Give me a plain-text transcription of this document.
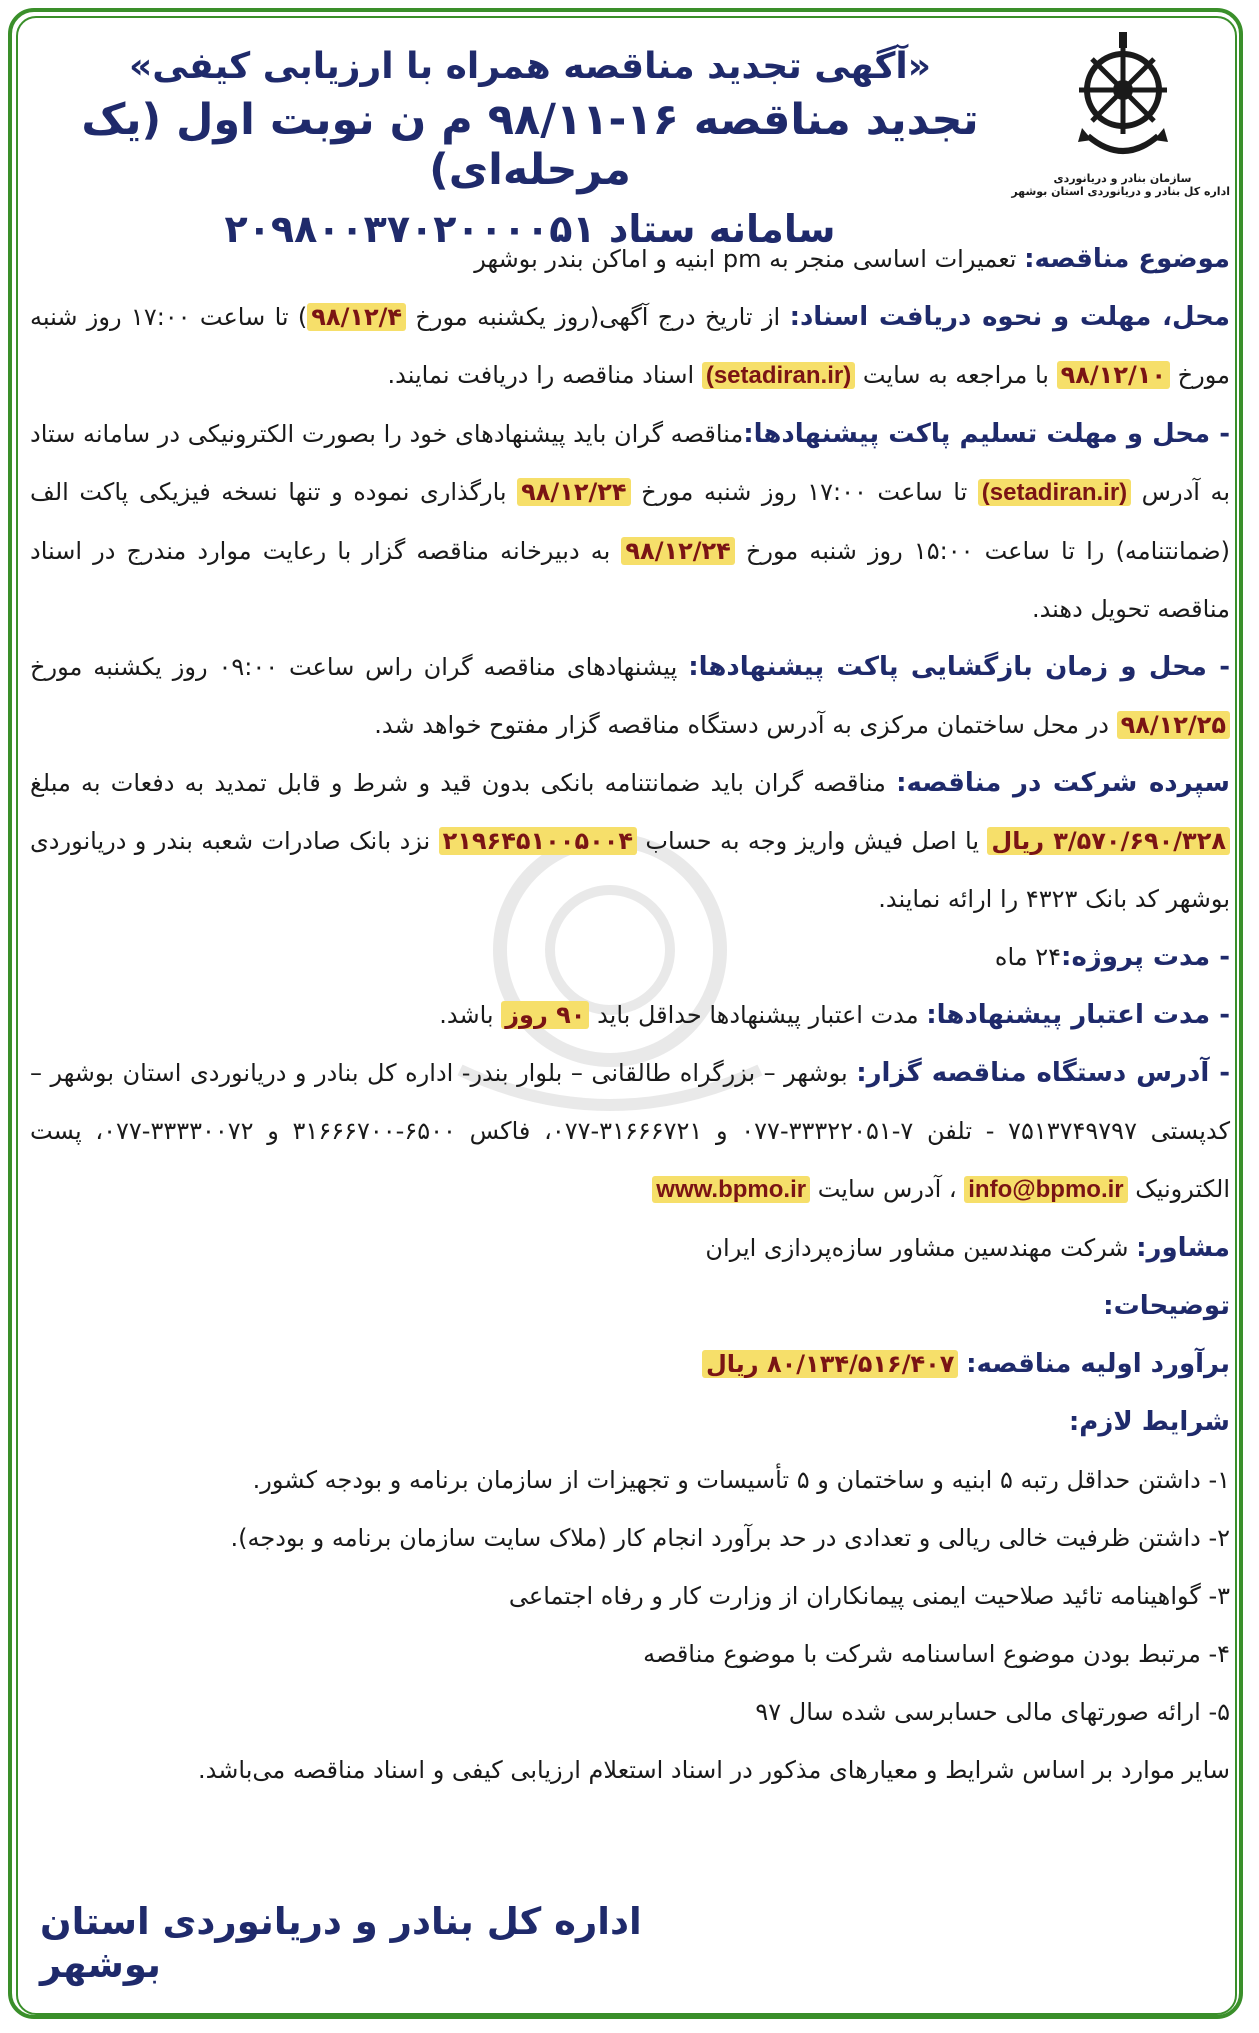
سازمان بنادر و دریانوردی
اداره کل بنادر و دریانوردی استان بوشهر
«آگهی تجدید مناقصه همراه با ارزیابی کیفی»
تجدید مناقصه ۱۶-۹۸/۱۱ م ن نوبت اول (یک مرحله‌ای)
سامانه ستاد ۲۰۹۸۰۰۳۷۰۲۰۰۰۰۵۱

موضوع مناقصه: تعمیرات اساسی منجر به pm ابنیه و اماکن بندر بوشهر

محل، مهلت و نحوه دریافت اسناد: از تاریخ درج آگهی(روز یکشنبه مورخ ۹۸/۱۲/۴) تا ساعت ۱۷:۰۰ روز شنبه مورخ ۹۸/۱۲/۱۰ با مراجعه به سایت (setadiran.ir) اسناد مناقصه را دریافت نمایند.

- محل و مهلت تسلیم پاکت پیشنهادها:مناقصه گران باید پیشنهادهای خود را بصورت الکترونیکی در سامانه ستاد به آدرس (setadiran.ir) تا ساعت ۱۷:۰۰ روز شنبه مورخ ۹۸/۱۲/۲۴ بارگذاری نموده و تنها نسخه فیزیکی پاکت الف (ضمانتنامه) را تا ساعت ۱۵:۰۰ روز شنبه مورخ ۹۸/۱۲/۲۴ به دبیرخانه مناقصه گزار با رعایت موارد مندرج در اسناد مناقصه تحویل دهند.

- محل و زمان بازگشایی پاکت پیشنهادها: پیشنهادهای مناقصه گران راس ساعت ۰۹:۰۰ روز یکشنبه مورخ ۹۸/۱۲/۲۵ در محل ساختمان مرکزی به آدرس دستگاه مناقصه گزار مفتوح خواهد شد.

سپرده شرکت در مناقصه: مناقصه گران باید ضمانتنامه بانکی بدون قید و شرط و قابل تمدید به دفعات به مبلغ ۳/۵۷۰/۶۹۰/۳۲۸ ریال یا اصل فیش واریز وجه به حساب ۲۱۹۶۴۵۱۰۰۵۰۰۴ نزد بانک صادرات شعبه بندر و دریانوردی بوشهر کد بانک ۴۳۲۳ را ارائه نمایند.

- مدت پروژه:۲۴ ماه

- مدت اعتبار پیشنهادها: مدت اعتبار پیشنهادها حداقل باید ۹۰ روز باشد.

- آدرس دستگاه مناقصه گزار: بوشهر – بزرگراه طالقانی – بلوار بندر- اداره کل بنادر و دریانوردی استان بوشهر – کدپستی ۷۵۱۳۷۴۹۷۹۷ - تلفن ۷-۳۳۳۲۲۰۵۱-۰۷۷ و ۳۱۶۶۶۷۲۱-۰۷۷، فاکس ۶۵۰۰-۳۱۶۶۶۷۰۰ و ۳۳۳۳۰۰۷۲-۰۷۷، پست الکترونیک info@bpmo.ir ، آدرس سایت www.bpmo.ir

مشاور: شرکت مهندسین مشاور سازه‌پردازی ایران

توضیحات:

برآورد اولیه مناقصه: ۸۰/۱۳۴/۵۱۶/۴۰۷ ریال

شرایط لازم:

۱- داشتن حداقل رتبه ۵ ابنیه و ساختمان و ۵ تأسیسات و تجهیزات از سازمان برنامه و بودجه کشور.

۲- داشتن ظرفیت خالی ریالی و تعدادی در حد برآورد انجام کار (ملاک سایت سازمان برنامه و بودجه).

۳- گواهینامه تائید صلاحیت ایمنی پیمانکاران از وزارت کار و رفاه اجتماعی

۴- مرتبط بودن موضوع اساسنامه شرکت با موضوع مناقصه

۵- ارائه صورتهای مالی حسابرسی شده سال ۹۷

سایر موارد بر اساس شرایط و معیارهای مذکور در اسناد استعلام ارزیابی کیفی و اسناد مناقصه می‌باشد.

اداره کل بنادر و دریانوردی استان بوشهر
